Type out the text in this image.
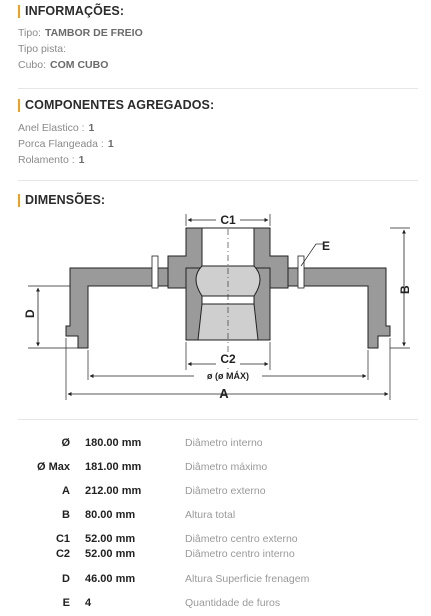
INFORMAÇÕES:
Tipo: TAMBOR DE FREIO
Tipo pista:
Cubo: COM CUBO
COMPONENTES AGREGADOS:
Anel Elastico : 1
Porca Flangeada : 1
Rolamento : 1
DIMENSÕES:
C1
E
B
D
C2
ø (ø MÁX)
A
Ø 180.00 mm	Diâmetro interno
Ø Max 181.00 mm	Diâmetro máximo
A 212.00 mm	Diâmetro externo
B 80.00 mm	Altura total
C1 52.00 mm	Diâmetro centro externo
C2 52.00 mm	Diâmetro centro interno
D 46.00 mm	Altura Superficie frenagem
E 4	Quantidade de furos
